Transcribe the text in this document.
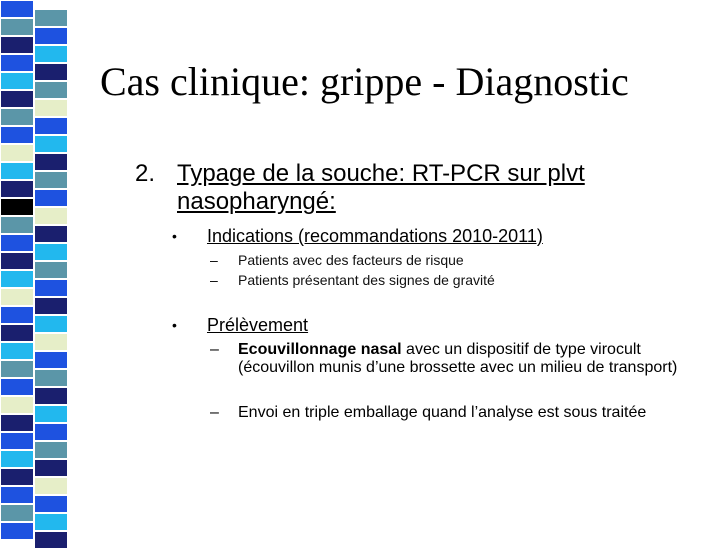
Cas clinique: grippe - Diagnostic
2. Typage de la souche: RT-PCR sur plvt
nasopharyngé:
• Indications (recommandations 2010-2011)
– Patients avec des facteurs de risque
– Patients présentant des signes de gravité
• Prélèvement
– Ecouvillonnage nasal avec un dispositif de type virocult (écouvillon munis d’une brossette avec un milieu de transport)
– Envoi en triple emballage quand l’analyse est sous traitée
